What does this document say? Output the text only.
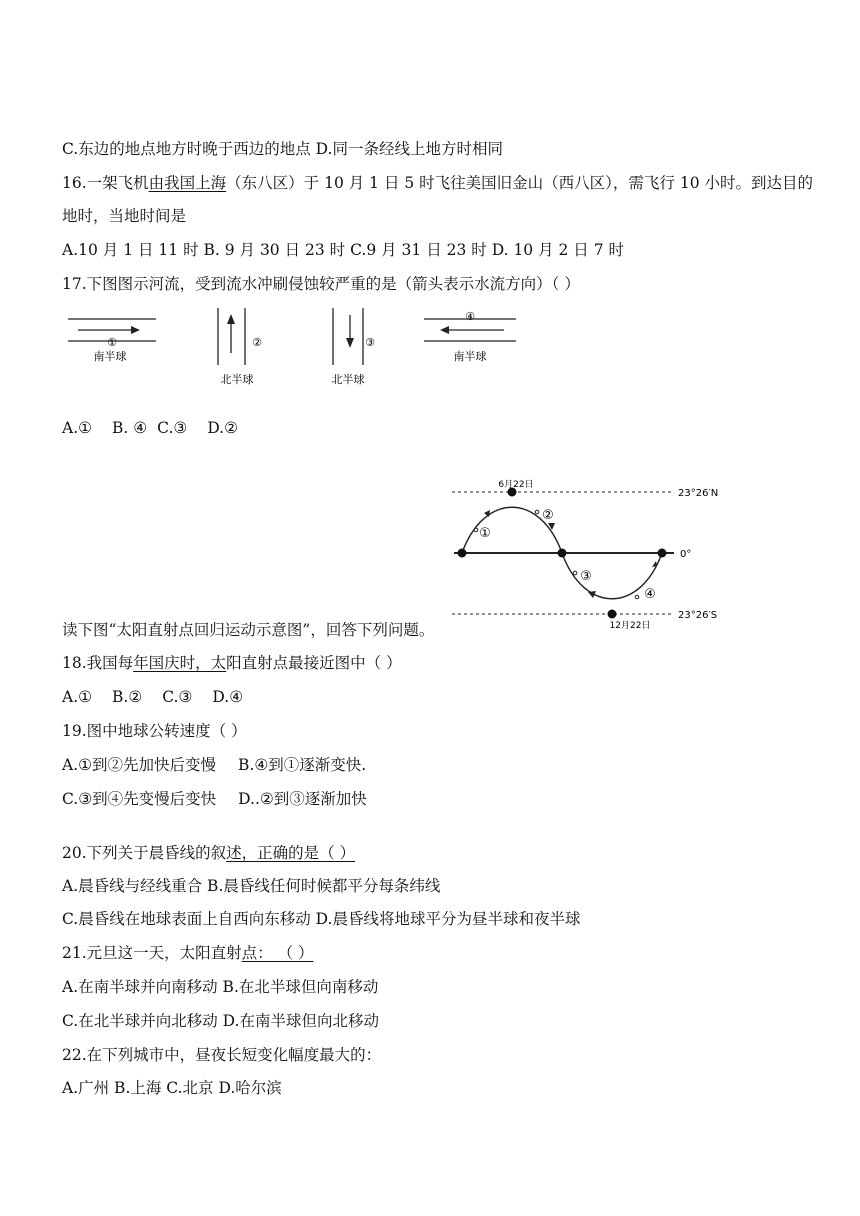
C.东边的地点地方时晚于西边的地点 D.同一条经线上地方时相同
16.一架飞机由我国上海（东八区）于 10 月 1 日 5 时飞往美国旧金山（西八区），需飞行 10 小时。到达目的
地时，当地时间是
A.10 月 1 日 11 时 B. 9 月 30 日 23 时 C.9 月 31 日 23 时 D. 10 月 2 日 7 时
17.下图图示河流，受到流水冲刷侵蚀较严重的是（箭头表示水流方向）（ ）
①
南半球
②
北半球
③
北半球
④
南半球
A.① B. ④ C.③ D.②
23°26′N
0°
23°26′S
6月22日
12月22日
①
②
③
④
读下图“太阳直射点回归运动示意图”，回答下列问题。
18.我国每年国庆时，太阳直射点最接近图中（ ）
A.① B.② C.③ D.④
19.图中地球公转速度（ ）
A.①到②先加快后变慢 B.④到①逐渐变快.
C.③到④先变慢后变快 D..②到③逐渐加快
20.下列关于晨昏线的叙述，正确的是（ ）
A.晨昏线与经线重合 B.晨昏线任何时候都平分每条纬线
C.晨昏线在地球表面上自西向东移动 D.晨昏线将地球平分为昼半球和夜半球
21.元旦这一天，太阳直射点： （ ）
A.在南半球并向南移动 B.在北半球但向南移动
C.在北半球并向北移动 D.在南半球但向北移动
22.在下列城市中，昼夜长短变化幅度最大的：
A.广州 B.上海 C.北京 D.哈尔滨
